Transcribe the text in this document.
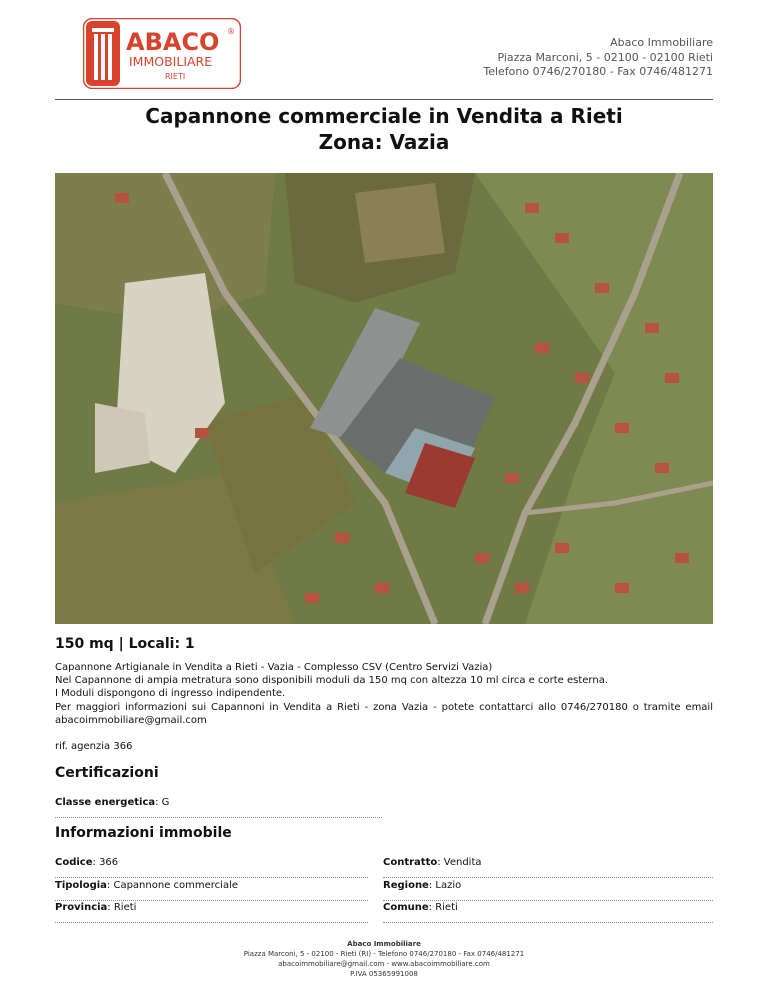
ABACO ®
IMMOBILIARE
RIETI
Abaco Immobiliare
Piazza Marconi, 5 - 02100 - 02100 Rieti
Telefono 0746/270180 - Fax 0746/481271
Capannone commerciale in Vendita a Rieti
Zona: Vazia
150 mq | Locali: 1
Capannone Artigianale in Vendita a Rieti - Vazia - Complesso CSV (Centro Servizi Vazia)
Nel Capannone di ampia metratura sono disponibili moduli da 150 mq con altezza 10 ml circa e corte esterna.
I Moduli dispongono di ingresso indipendente.
Per maggiori informazioni sui Capannoni in Vendita a Rieti - zona Vazia - potete contattarci allo 0746/270180 o tramite email abacoimmobiliare@gmail.com
rif. agenzia 366
Certificazioni
Classe energetica: G
Informazioni immobile
Codice: 366	Contratto: Vendita
Tipologia: Capannone commerciale	Regione: Lazio
Provincia: Rieti	Comune: Rieti
Abaco Immobiliare
Piazza Marconi, 5 - 02100 - Rieti (RI) - Telefono 0746/270180 - Fax 0746/481271
abacoimmobiliare@gmail.com - www.abacoimmobiliare.com
P.IVA 05365991008
